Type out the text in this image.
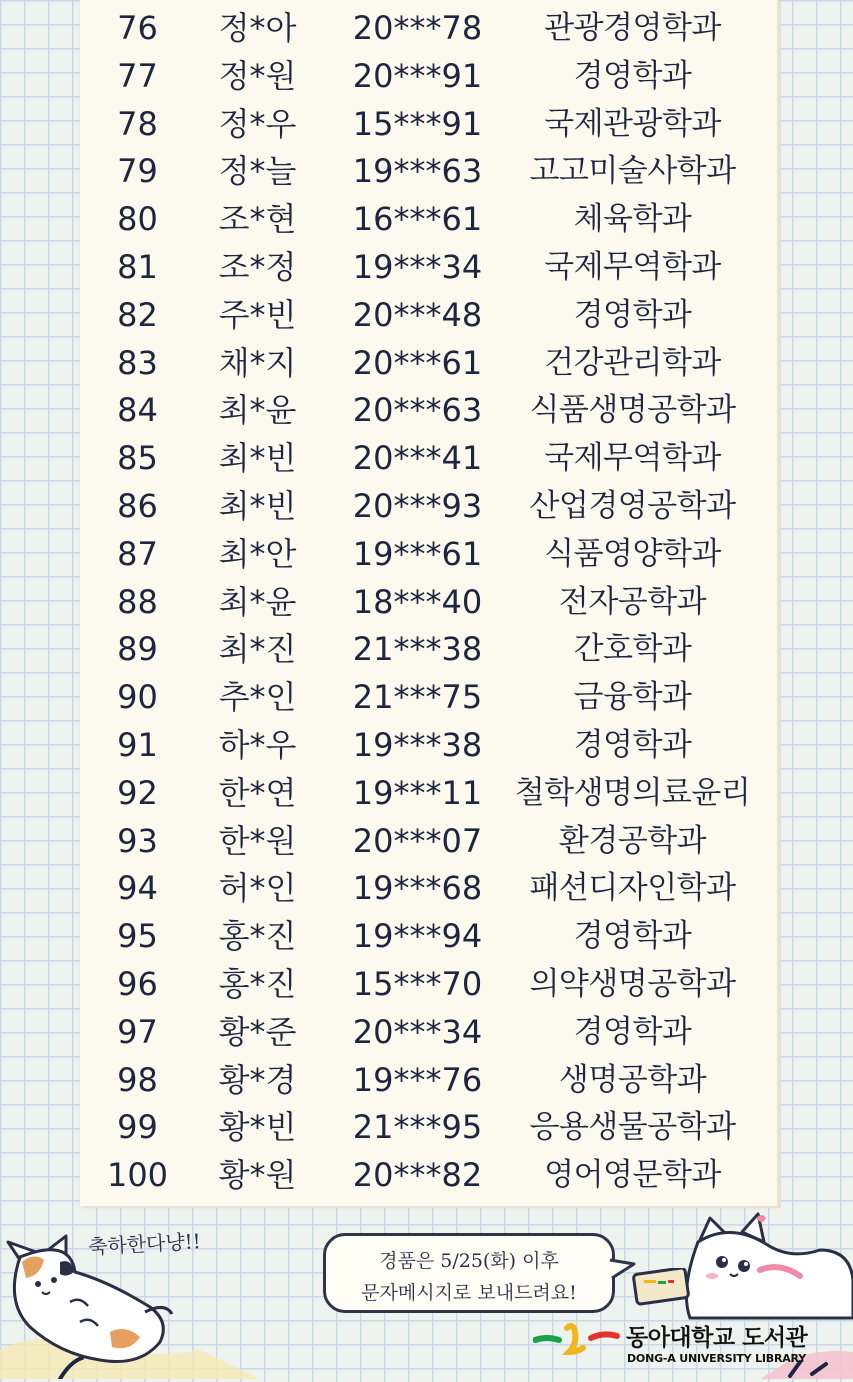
76	정*아	20***78	관광경영학과
77	정*원	20***91	경영학과
78	정*우	15***91	국제관광학과
79	정*늘	19***63	고고미술사학과
80	조*현	16***61	체육학과
81	조*정	19***34	국제무역학과
82	주*빈	20***48	경영학과
83	채*지	20***61	건강관리학과
84	최*윤	20***63	식품생명공학과
85	최*빈	20***41	국제무역학과
86	최*빈	20***93	산업경영공학과
87	최*안	19***61	식품영양학과
88	최*윤	18***40	전자공학과
89	최*진	21***38	간호학과
90	추*인	21***75	금융학과
91	하*우	19***38	경영학과
92	한*연	19***11	철학생명의료윤리
93	한*원	20***07	환경공학과
94	허*인	19***68	패션디자인학과
95	홍*진	19***94	경영학과
96	홍*진	15***70	의약생명공학과
97	황*준	20***34	경영학과
98	황*경	19***76	생명공학과
99	황*빈	21***95	응용생물공학과
100 황*원	20***82	영어영문학과
축하한다냥!!
경품은 5/25(화) 이후
문자메시지로 보내드려요!
동아대학교 도서관
DONG-A UNIVERSITY LIBRARY
